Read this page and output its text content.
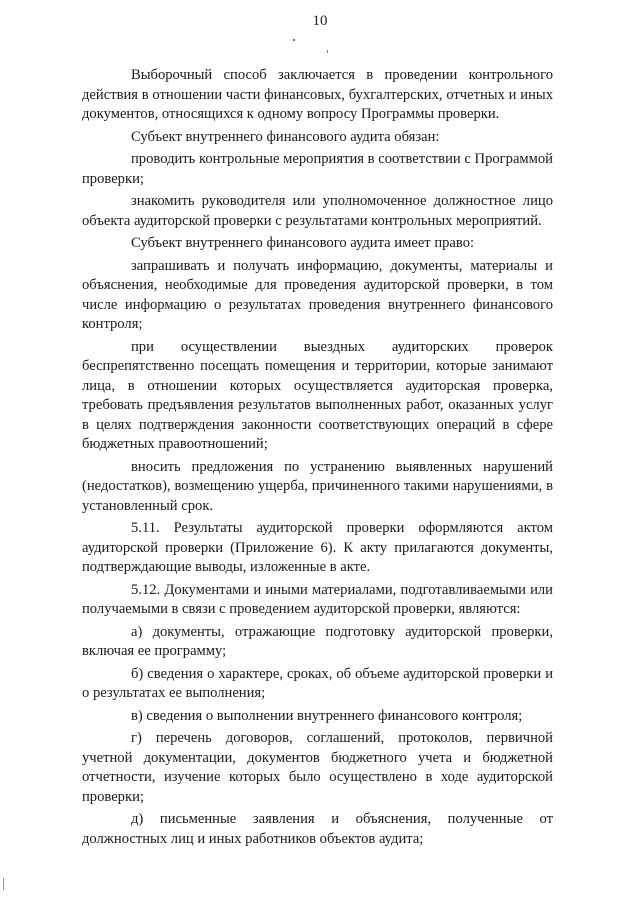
10

Выборочный способ заключается в проведении контрольного действия в отношении части финансовых, бухгалтерских, отчетных и иных документов, относящихся к одному вопросу Программы проверки.

Субъект внутреннего финансового аудита обязан:

проводить контрольные мероприятия в соответствии с Программой проверки;

знакомить руководителя или уполномоченное должностное лицо объекта аудиторской проверки с результатами контрольных мероприятий.

Субъект внутреннего финансового аудита имеет право:

запрашивать и получать информацию, документы, материалы и объяснения, необходимые для проведения аудиторской проверки, в том числе информацию о результатах проведения внутреннего финансового контроля;

при осуществлении выездных аудиторских проверок беспрепятственно посещать помещения и территории, которые занимают лица, в отношении которых осуществляется аудиторская проверка, требовать предъявления результатов выполненных работ, оказанных услуг в целях подтверждения законности соответствующих операций в сфере бюджетных правоотношений;

вносить предложения по устранению выявленных нарушений (недостатков), возмещению ущерба, причиненного такими нарушениями, в установленный срок.

5.11. Результаты аудиторской проверки оформляются актом аудиторской проверки (Приложение 6). К акту прилагаются документы, подтверждающие выводы, изложенные в акте.

5.12. Документами и иными материалами, подготавливаемыми или получаемыми в связи с проведением аудиторской проверки, являются:

а) документы, отражающие подготовку аудиторской проверки, включая ее программу;

б) сведения о характере, сроках, об объеме аудиторской проверки и о результатах ее выполнения;

в) сведения о выполнении внутреннего финансового контроля;

г) перечень договоров, соглашений, протоколов, первичной учетной документации, документов бюджетного учета и бюджетной отчетности, изучение которых было осуществлено в ходе аудиторской проверки;

д) письменные заявления и объяснения, полученные от должностных лиц и иных работников объектов аудита;
